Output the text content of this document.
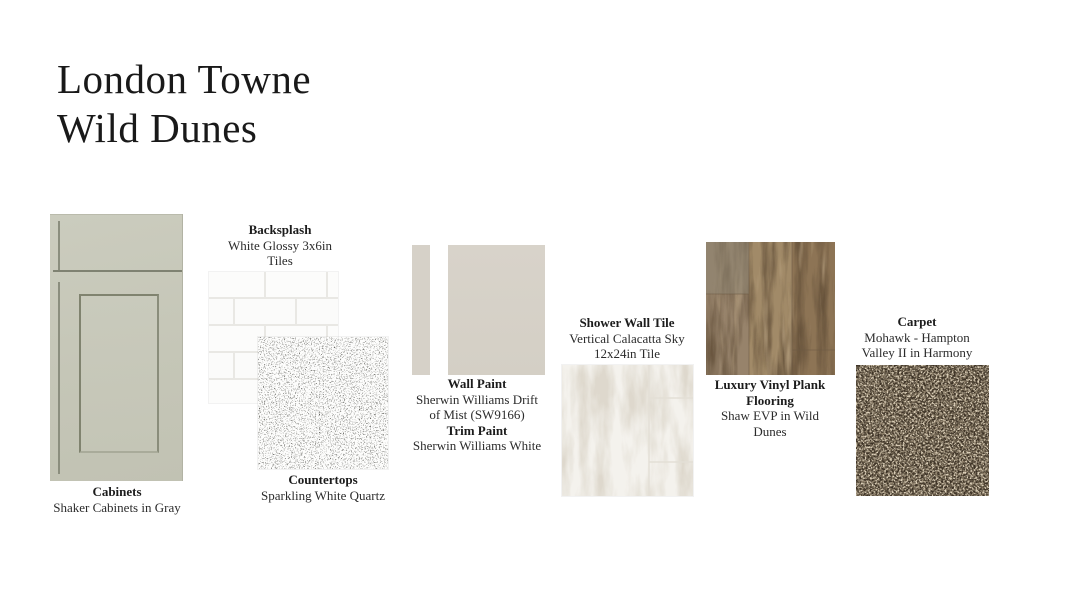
London Towne
Wild Dunes
Cabinets
Shaker Cabinets in Gray
Backsplash
White Glossy 3x6in
Tiles
Countertops
Sparkling White Quartz
Wall Paint
Sherwin Williams Drift
of Mist (SW9166)
Trim Paint
Sherwin Williams White
Shower Wall Tile
Vertical Calacatta Sky
12x24in Tile
Luxury Vinyl Plank
Flooring
Shaw EVP in Wild
Dunes
Carpet
Mohawk - Hampton
Valley II in Harmony
